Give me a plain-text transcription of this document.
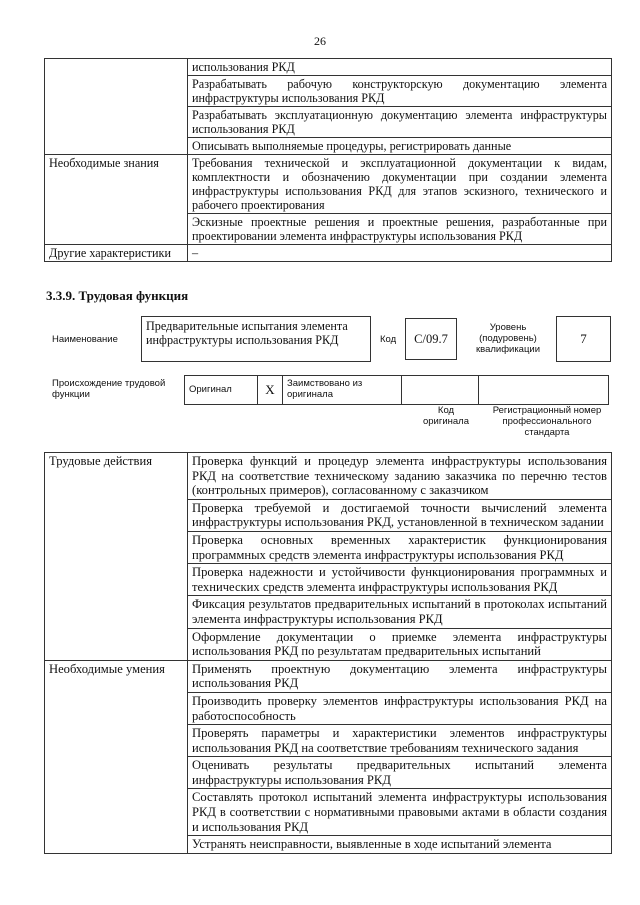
26
	использования РКД
	Разрабатывать рабочую конструкторскую документацию элемента инфраструктуры использования РКД
	Разрабатывать эксплуатационную документацию элемента инфраструктуры использования РКД
	Описывать выполняемые процедуры, регистрировать данные
Необходимые знания	Требования технической и эксплуатационной документации к видам, комплектности и обозначению документации при создании элемента инфраструктуры использования РКД для этапов эскизного, технического и рабочего проектирования
	Эскизные проектные решения и проектные решения, разработанные при проектировании элемента инфраструктуры использования РКД
Другие характеристики	–
3.3.9. Трудовая функция
Наименование
Предварительные испытания элемента инфраструктуры использования РКД	Код	С/09.7
Уровень (подуровень) квалификации
7
Происхождение трудовой функции	Оригинал	Х	Заимствовано из оригинала
Код оригинала
Регистрационный номер профессионального стандарта
Трудовые действия	Проверка функций и процедур элемента инфраструктуры использования РКД на соответствие техническому заданию заказчика по перечню тестов (контрольных примеров), согласованному с заказчиком
	Проверка требуемой и достигаемой точности вычислений элемента инфраструктуры использования РКД, установленной в техническом задании
	Проверка основных временных характеристик функционирования программных средств элемента инфраструктуры использования РКД
	Проверка надежности и устойчивости функционирования программных и технических средств элемента инфраструктуры использования РКД
	Фиксация результатов предварительных испытаний в протоколах испытаний элемента инфраструктуры использования РКД
	Оформление документации о приемке элемента инфраструктуры использования РКД по результатам предварительных испытаний
Необходимые умения	Применять проектную документацию элемента инфраструктуры использования РКД
	Производить проверку элементов инфраструктуры использования РКД на работоспособность
	Проверять параметры и характеристики элементов инфраструктуры использования РКД на соответствие требованиям технического задания
	Оценивать результаты предварительных испытаний элемента инфраструктуры использования РКД
	Составлять протокол испытаний элемента инфраструктуры использования РКД в соответствии с нормативными правовыми актами в области создания и использования РКД
	Устранять неисправности, выявленные в ходе испытаний элемента
